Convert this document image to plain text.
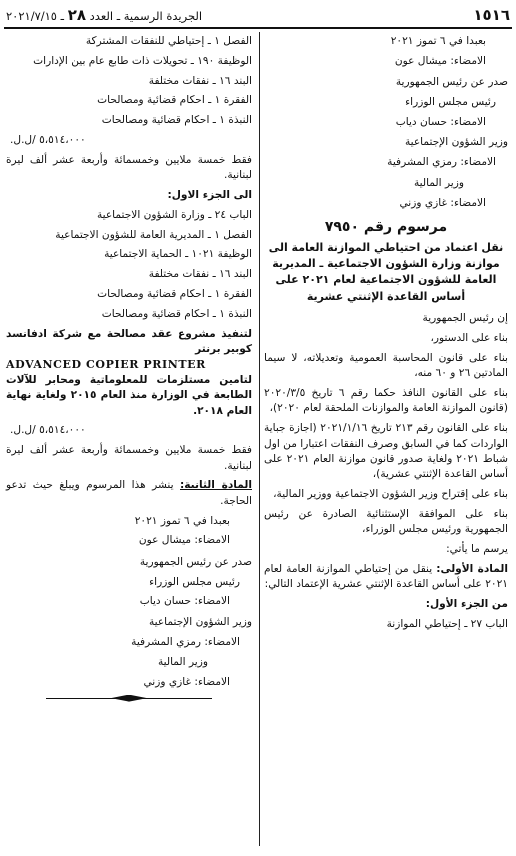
١٥١٦
الجريدة الرسمية ـ العدد ٢٨ ـ ٢٠٢١/٧/١٥

بعبدا في ٦ تموز ٢٠٢١

الامضاء: ميشال عون

صدر عن رئيس الجمهورية

رئيس مجلس الوزراء

الامضاء: حسان دياب

وزير الشؤون الإجتماعية

الامضاء: رمزي المشرفية

وزير المالية

الامضاء: غازي وزني

مرسوم رقم ٧٩٥٠

نقل اعتماد من احتياطي الموازنة العامة الى موازنة وزارة الشؤون الاجتماعية ـ المديرية العامة للشؤون الاجتماعية لعام ٢٠٢١ على أساس القاعدة الإثنتي عشرية

إن رئيس الجمهورية

بناء على الدستور،

بناء على قانون المحاسبة العمومية وتعديلاته، لا سيما المادتين ٢٦ و ٦٠ منه،

بناء على القانون النافذ حكما رقم ٦ تاريخ ٢٠٢٠/٣/٥ (قانون الموازنة العامة والموازنات الملحقة لعام ٢٠٢٠)،

بناء على القانون رقم ٢١٣ تاريخ ٢٠٢١/١/١٦ (اجازة جباية الواردات كما في السابق وصرف النفقات اعتبارا من اول شباط ٢٠٢١ ولغاية صدور قانون موازنة العام ٢٠٢١ على أساس القاعدة الإثنتي عشرية)،

بناء على إقتراح وزير الشؤون الاجتماعية ووزير المالية،

بناء على الموافقة الإستثنائية الصادرة عن رئيس الجمهورية ورئيس مجلس الوزراء،

يرسم ما يأتي:

المادة الأولى: ينقل من إحتياطي الموازنة العامة لعام ٢٠٢١ على أساس القاعدة الإثنتي عشرية الإعتماد التالي:

من الجزء الأول:

الباب ٢٧ ـ إحتياطي الموازنة

الفصل ١ ـ إحتياطي للنفقات المشتركة

الوظيفة ١٩٠ ـ تحويلات ذات طابع عام بين الإدارات

البند ١٦ ـ نفقات مختلفة

الفقرة ١ ـ احكام قضائية ومصالحات

النبذة ١ ـ احكام قضائية ومصالحات

٥،٥١٤،٠٠٠ /ل.ل.

فقط خمسة ملايين وخمسمائة وأربعة عشر ألف ليرة لبنانية.

الى الجزء الاول:

الباب ٢٤ ـ وزارة الشؤون الاجتماعية

الفصل ١ ـ المديرية العامة للشؤون الاجتماعية

الوظيفة ١٠٢١ ـ الحماية الاجتماعية

البند ١٦ ـ نفقات مختلفة

الفقرة ١ ـ احكام قضائية ومصالحات

النبذة ١ ـ احكام قضائية ومصالحات

لتنفيذ مشروع عقد مصالحة مع شركة ادفانسد كوبير برنتر

ADVANCED COPIER PRINTER

لتامين مستلزمات للمعلوماتية ومحابر للآلات الطابعة في الوزارة منذ العام ٢٠١٥ ولغاية نهاية العام ٢٠١٨.

٥،٥١٤،٠٠٠ /ل.ل.

فقط خمسة ملايين وخمسمائة وأربعة عشر ألف ليرة لبنانية.

المادة الثانية: ينشر هذا المرسوم ويبلغ حيث تدعو الحاجة.

بعبدا في ٦ تموز ٢٠٢١

الامضاء: ميشال عون

صدر عن رئيس الجمهورية

رئيس مجلس الوزراء

الامضاء: حسان دياب

وزير الشؤون الإجتماعية

الامضاء: رمزي المشرفية

وزير المالية

الامضاء: غازي وزني
